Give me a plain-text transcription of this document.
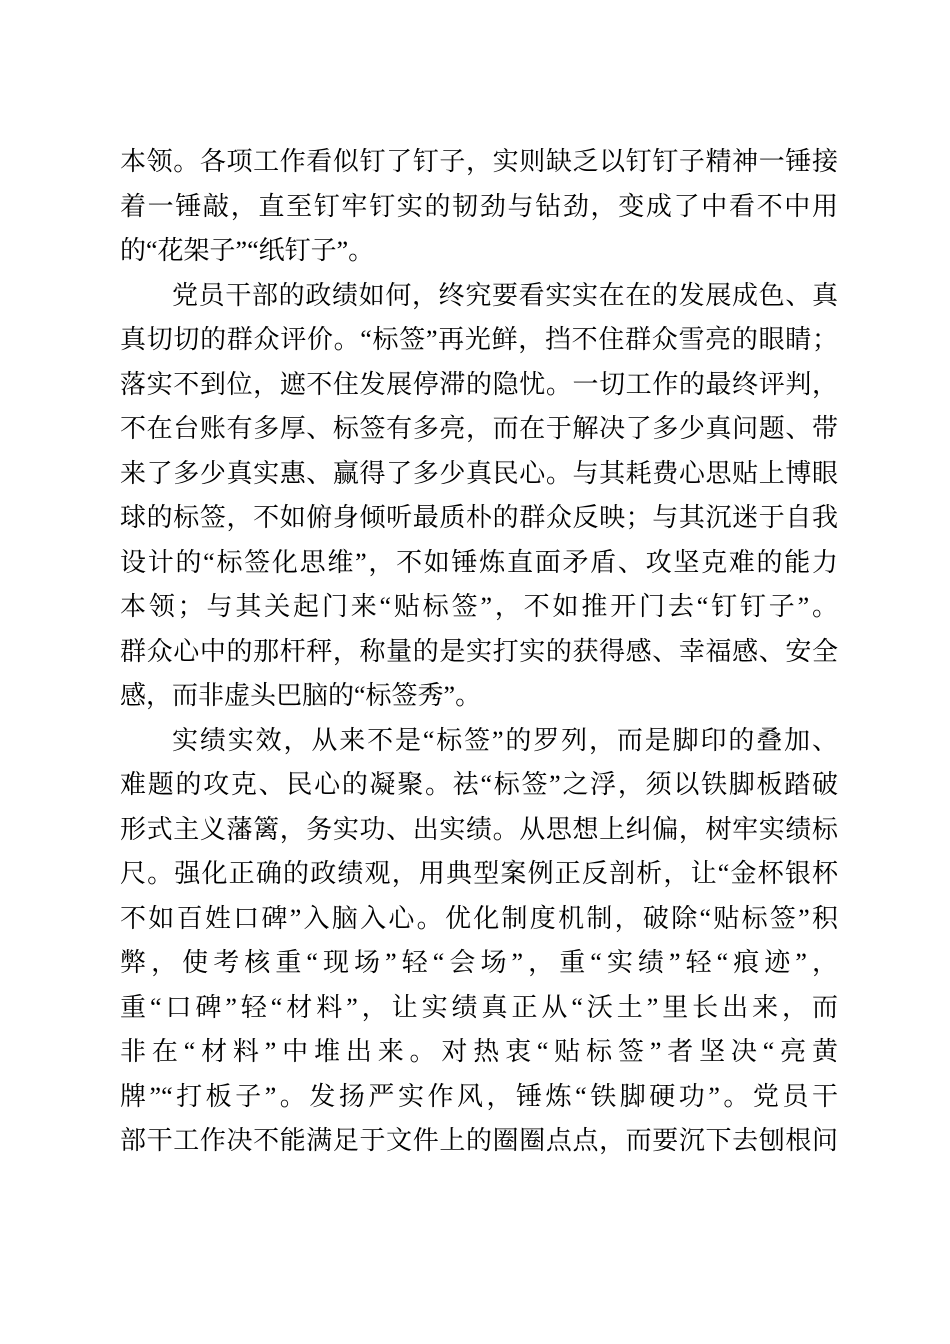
本领。各项工作看似钉了钉子，实则缺乏以钉钉子精神一锤接
着一锤敲，直至钉牢钉实的韧劲与钻劲，变成了中看不中用
的“花架子”“纸钉子”。
党员干部的政绩如何，终究要看实实在在的发展成色、真
真切切的群众评价。“标签”再光鲜，挡不住群众雪亮的眼睛；
落实不到位，遮不住发展停滞的隐忧。一切工作的最终评判，
不在台账有多厚、标签有多亮，而在于解决了多少真问题、带
来了多少真实惠、赢得了多少真民心。与其耗费心思贴上博眼
球的标签，不如俯身倾听最质朴的群众反映；与其沉迷于自我
设计的“标签化思维”，不如锤炼直面矛盾、攻坚克难的能力
本领；与其关起门来“贴标签”，不如推开门去“钉钉子”。
群众心中的那杆秤，称量的是实打实的获得感、幸福感、安全
感，而非虚头巴脑的“标签秀”。
实绩实效，从来不是“标签”的罗列，而是脚印的叠加、
难题的攻克、民心的凝聚。祛“标签”之浮，须以铁脚板踏破
形式主义藩篱，务实功、出实绩。从思想上纠偏，树牢实绩标
尺。强化正确的政绩观，用典型案例正反剖析，让“金杯银杯
不如百姓口碑”入脑入心。优化制度机制，破除“贴标签”积
弊，使考核重“现场”轻“会场”，重“实绩”轻“痕迹”，
重“口碑”轻“材料”，让实绩真正从“沃土”里长出来，而
非在“材料”中堆出来。对热衷“贴标签”者坚决“亮黄
牌”“打板子”。发扬严实作风，锤炼“铁脚硬功”。党员干
部干工作决不能满足于文件上的圈圈点点，而要沉下去刨根问
